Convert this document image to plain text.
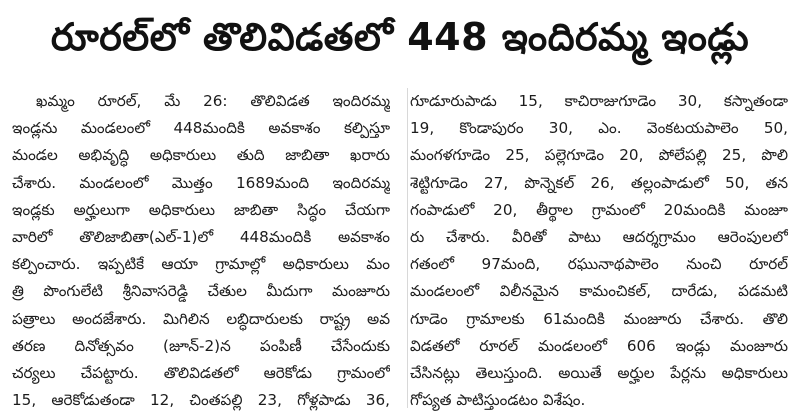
రూరల్‌లో తొలివిడతలో 448 ఇందిరమ్మ ఇండ్లు
ఖమ్మం రూరల్‌, మే 26: తొలివిడత ఇందిరమ్మ
ఇండ్లను మండలంలో 448మందికి అవకాశం కల్పిస్తూ
మండల అభివృద్ధి అధికారులు తుది జాబితా ఖరారు
చేశారు. మండలంలో మొత్తం 1689మంది ఇందిరమ్మ
ఇండ్లకు అర్హులుగా అధికారులు జాబితా సిద్ధం చేయగా
వారిలో తొలిజాబితా(ఎల్‌-1)లో 448మందికి అవకాశం
కల్పించారు. ఇప్పటికే ఆయా గ్రామాల్లో అధికారులు మం
త్రి పొంగులేటి శ్రీనివాసరెడ్డి చేతుల మీదుగా మంజూరు
పత్రాలు అందజేశారు. మిగిలిన లబ్ధిదారులకు రాష్ట్ర అవ
తరణ దినోత్సవం (జూన్‌-2)న పంపిణీ చేసేందుకు
చర్యలు చేపట్టారు. తొలివిడతలో ఆరెకోడు గ్రామంలో
15, ఆరెకోడుతండా 12, చింతపల్లి 23, గోళ్లపాడు 36,
గూడూరుపాడు 15, కాచిరాజుగూడెం 30, కస్నాతండా
19, కొండాపురం 30, ఎం. వెంకటయపాలెం 50,
మంగళగూడెం 25, పల్లెగూడెం 20, పోలేపల్లి 25, పొలి
శెట్టిగూడెం 27, పొన్నెకల్‌ 26, తల్లంపాడులో 50, తన
గంపాడులో 20, తీర్థాల గ్రామంలో 20మందికి మంజూ
రు చేశారు. వీరితో పాటు ఆదర్శగ్రామం ఆరెంపులలో
గతంలో 97మంది, రఘునాథపాలెం నుంచి రూరల్‌
మండలంలో విలీనమైన కామంచికల్‌, దారేడు, పడమటి
గూడెం గ్రామాలకు 61మందికి మంజూరు చేశారు. తొలి
విడతలో రూరల్‌ మండలంలో 606 ఇండ్లు మంజూరు
చేసినట్లు తెలుస్తుంది. అయితే అర్హుల పేర్లను అధికారులు
గోప్యత పాటిస్తుండటం విశేషం.
